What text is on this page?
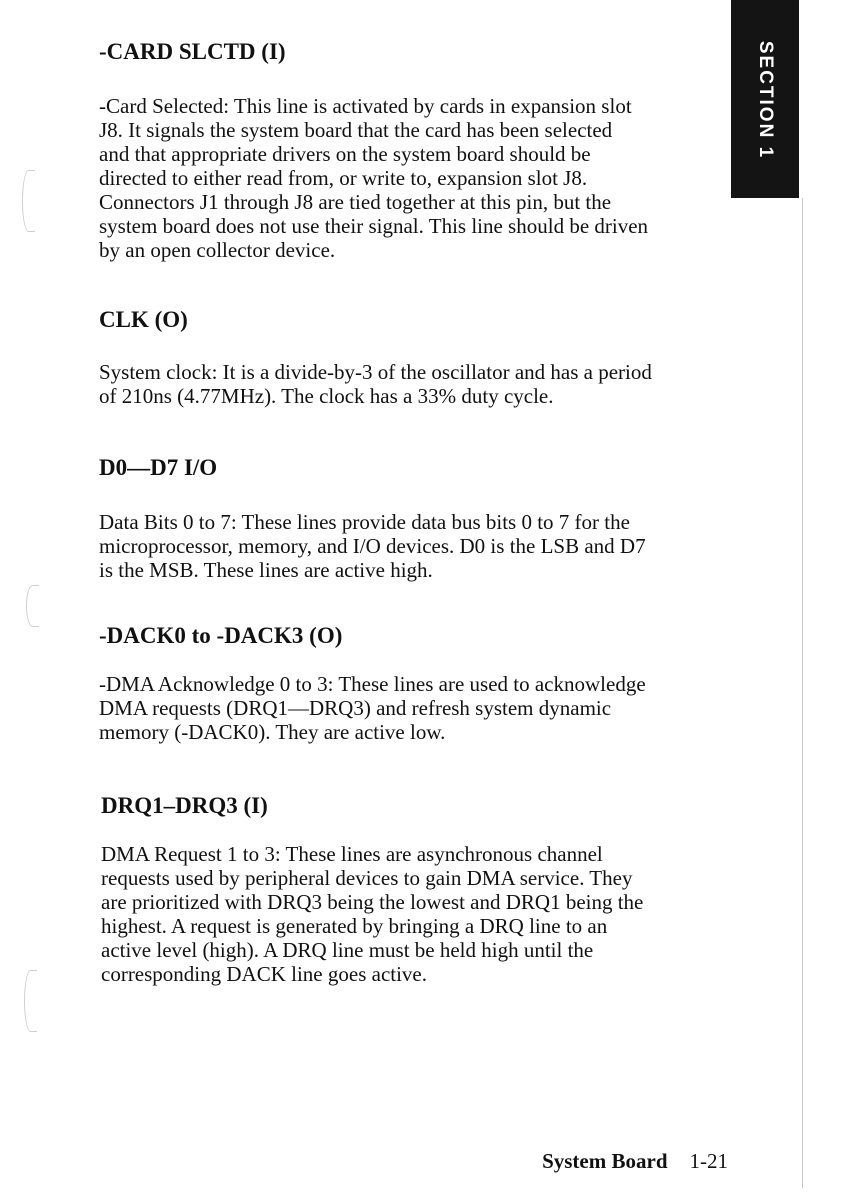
SECTION 1
-CARD SLCTD (I)

-Card Selected: This line is activated by cards in expansion slot
J8. It signals the system board that the card has been selected
and that appropriate drivers on the system board should be
directed to either read from, or write to, expansion slot J8.
Connectors J1 through J8 are tied together at this pin, but the
system board does not use their signal. This line should be driven
by an open collector device.

CLK (O)

System clock: It is a divide-by-3 of the oscillator and has a period
of 210ns (4.77MHz). The clock has a 33% duty cycle.

D0—D7 I/O

Data Bits 0 to 7: These lines provide data bus bits 0 to 7 for the
microprocessor, memory, and I/O devices. D0 is the LSB and D7
is the MSB. These lines are active high.

-DACK0 to -DACK3 (O)

-DMA Acknowledge 0 to 3: These lines are used to acknowledge
DMA requests (DRQ1—DRQ3) and refresh system dynamic
memory (-DACK0). They are active low.

DRQ1–DRQ3 (I)

DMA Request 1 to 3: These lines are asynchronous channel
requests used by peripheral devices to gain DMA service. They
are prioritized with DRQ3 being the lowest and DRQ1 being the
highest. A request is generated by bringing a DRQ line to an
active level (high). A DRQ line must be held high until the
corresponding DACK line goes active.

System Board 1-21
